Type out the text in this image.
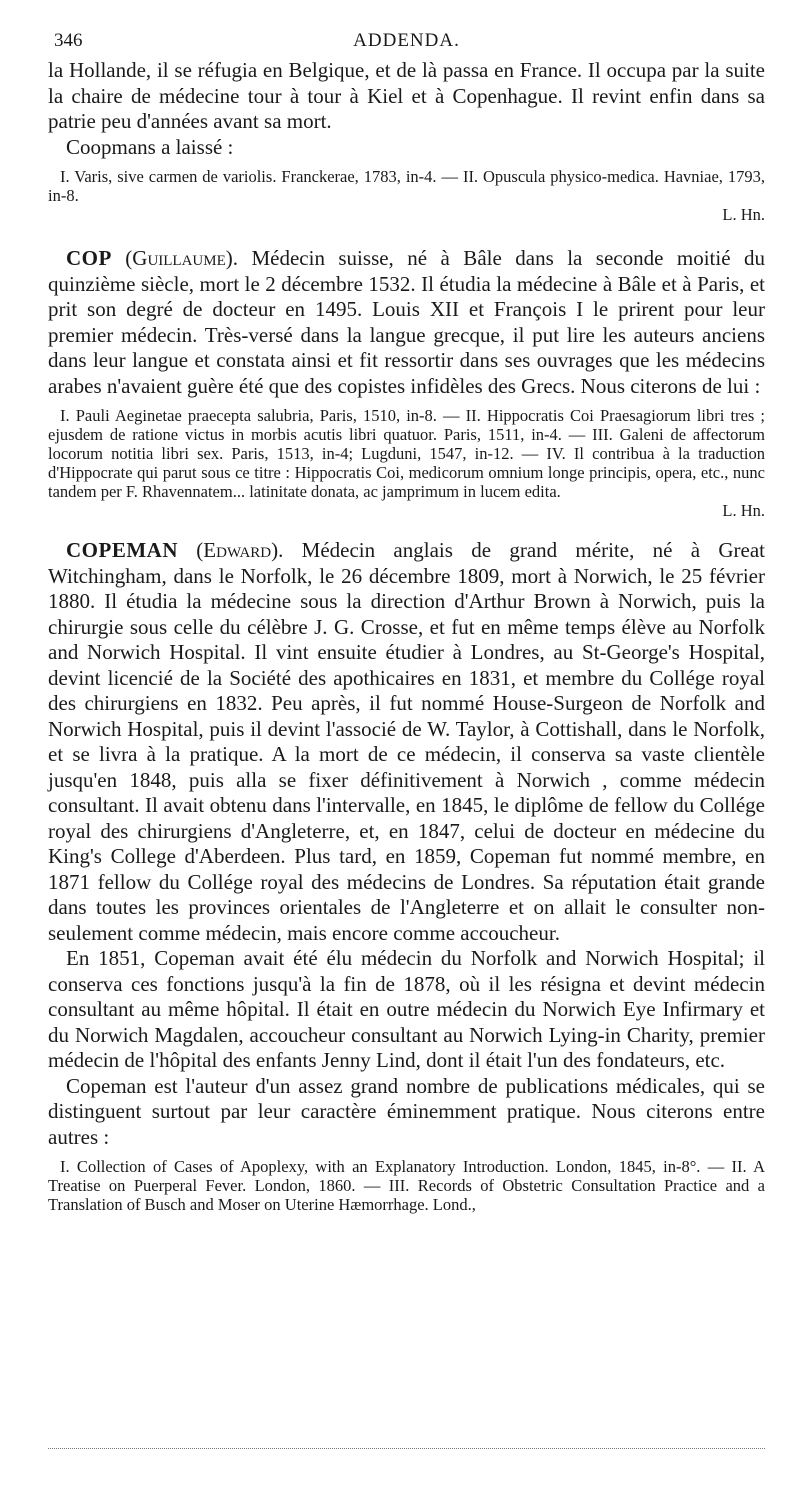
346	ADDENDA.

la Hollande, il se réfugia en Belgique, et de là passa en France. Il occupa par la suite la chaire de médecine tour à tour à Kiel et à Copenhague. Il revint enfin dans sa patrie peu d'années avant sa mort.

Coopmans a laissé :

I. Varis, sive carmen de variolis. Franckerae, 1783, in-4. — II. Opuscula physico-medica. Havniae, 1793, in-8.
L. Hn.

COP (Guillaume). Médecin suisse, né à Bâle dans la seconde moitié du quinzième siècle, mort le 2 décembre 1532. Il étudia la médecine à Bâle et à Paris, et prit son degré de docteur en 1495. Louis XII et François I le prirent pour leur premier médecin. Très-versé dans la langue grecque, il put lire les auteurs anciens dans leur langue et constata ainsi et fit ressortir dans ses ouvrages que les médecins arabes n'avaient guère été que des copistes infidèles des Grecs. Nous citerons de lui :

I. Pauli Aeginetae praecepta salubria, Paris, 1510, in-8. — II. Hippocratis Coi Praesagiorum libri tres ; ejusdem de ratione victus in morbis acutis libri quatuor. Paris, 1511, in-4. — III. Galeni de affectorum locorum notitia libri sex. Paris, 1513, in-4; Lugduni, 1547, in-12. — IV. Il contribua à la traduction d'Hippocrate qui parut sous ce titre : Hippocratis Coi, medicorum omnium longe principis, opera, etc., nunc tandem per F. Rhavennatem... latinitate donata, ac jamprimum in lucem edita.
L. Hn.

COPEMAN (Edward). Médecin anglais de grand mérite, né à Great Witchingham, dans le Norfolk, le 26 décembre 1809, mort à Norwich, le 25 février 1880. Il étudia la médecine sous la direction d'Arthur Brown à Norwich, puis la chirurgie sous celle du célèbre J. G. Crosse, et fut en même temps élève au Norfolk and Norwich Hospital. Il vint ensuite étudier à Londres, au St-George's Hospital, devint licencié de la Société des apothicaires en 1831, et membre du Collége royal des chirurgiens en 1832. Peu après, il fut nommé House-Surgeon de Norfolk and Norwich Hospital, puis il devint l'associé de W. Taylor, à Cottishall, dans le Norfolk, et se livra à la pratique. A la mort de ce médecin, il conserva sa vaste clientèle jusqu'en 1848, puis alla se fixer définitivement à Norwich , comme médecin consultant. Il avait obtenu dans l'intervalle, en 1845, le diplôme de fellow du Collége royal des chirurgiens d'Angleterre, et, en 1847, celui de docteur en médecine du King's College d'Aberdeen. Plus tard, en 1859, Copeman fut nommé membre, en 1871 fellow du Collége royal des médecins de Londres. Sa réputation était grande dans toutes les provinces orientales de l'Angleterre et on allait le consulter non-seulement comme médecin, mais encore comme accoucheur.

En 1851, Copeman avait été élu médecin du Norfolk and Norwich Hospital; il conserva ces fonctions jusqu'à la fin de 1878, où il les résigna et devint médecin consultant au même hôpital. Il était en outre médecin du Norwich Eye Infirmary et du Norwich Magdalen, accoucheur consultant au Norwich Lying-in Charity, premier médecin de l'hôpital des enfants Jenny Lind, dont il était l'un des fondateurs, etc.

Copeman est l'auteur d'un assez grand nombre de publications médicales, qui se distinguent surtout par leur caractère éminemment pratique. Nous citerons entre autres :

I. Collection of Cases of Apoplexy, with an Explanatory Introduction. London, 1845, in-8°. — II. A Treatise on Puerperal Fever. London, 1860. — III. Records of Obstetric Consultation Practice and a Translation of Busch and Moser on Uterine Hæmorrhage. Lond.,
